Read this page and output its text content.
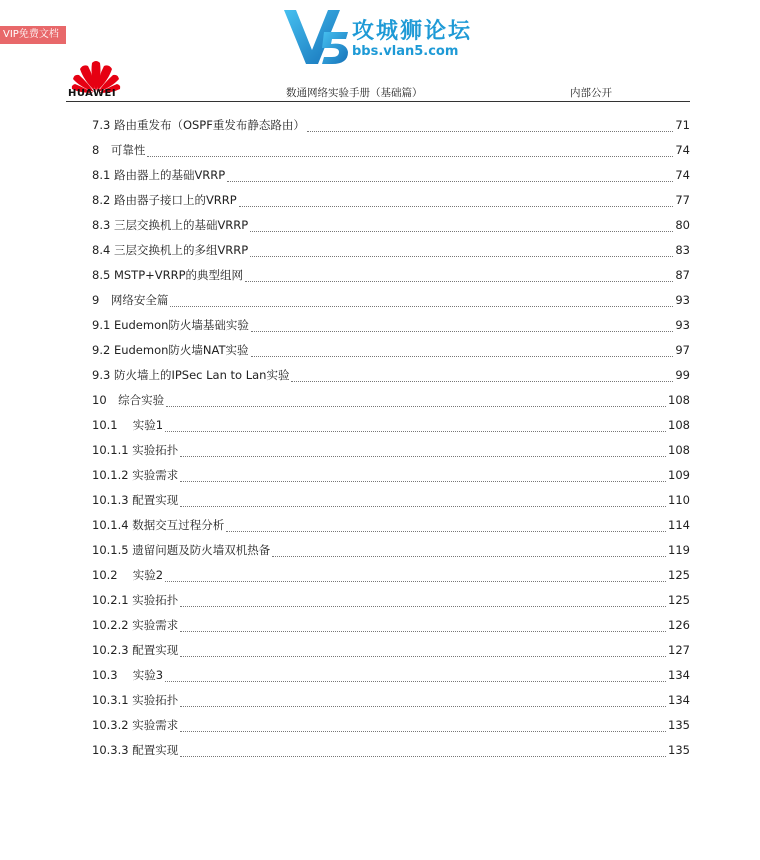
VIP免费文档	攻城狮论坛
bbs.vlan5.com
HUAWEI	数通网络实验手册（基础篇）	内部公开
7.3 路由重发布（OSPF重发布静态路由）	71
8　可靠性	74
8.1 路由器上的基础VRRP	74
8.2 路由器子接口上的VRRP	77
8.3 三层交换机上的基础VRRP	80
8.4 三层交换机上的多组VRRP	83
8.5 MSTP+VRRP的典型组网	87
9　网络安全篇	93
9.1 Eudemon防火墙基础实验	93
9.2 Eudemon防火墙NAT实验	97
9.3 防火墙上的IPSec Lan to Lan实验	99
10　综合实验	108
10.1　 实验1	108
10.1.1 实验拓扑	108
10.1.2 实验需求	109
10.1.3 配置实现	110
10.1.4 数据交互过程分析	114
10.1.5 遗留问题及防火墙双机热备	119
10.2　 实验2	125
10.2.1 实验拓扑	125
10.2.2 实验需求	126
10.2.3 配置实现	127
10.3　 实验3	134
10.3.1 实验拓扑	134
10.3.2 实验需求	135
10.3.3 配置实现	135
